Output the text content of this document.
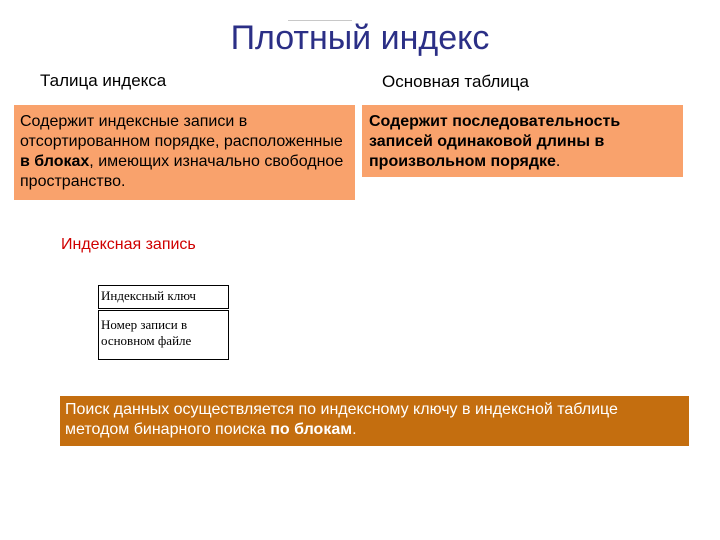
Плотный индекс
Талица индекса	Основная таблица
Содержит индексные записи в отсортированном порядке, расположенные в блоках, имеющих изначально свободное пространство.
Содержит последовательность записей одинаковой длины в произвольном порядке.
Индексная запись
Индексный ключ
Номер записи в основном файле
Поиск данных осуществляется по индексному ключу в индексной таблице методом бинарного поиска по блокам.
